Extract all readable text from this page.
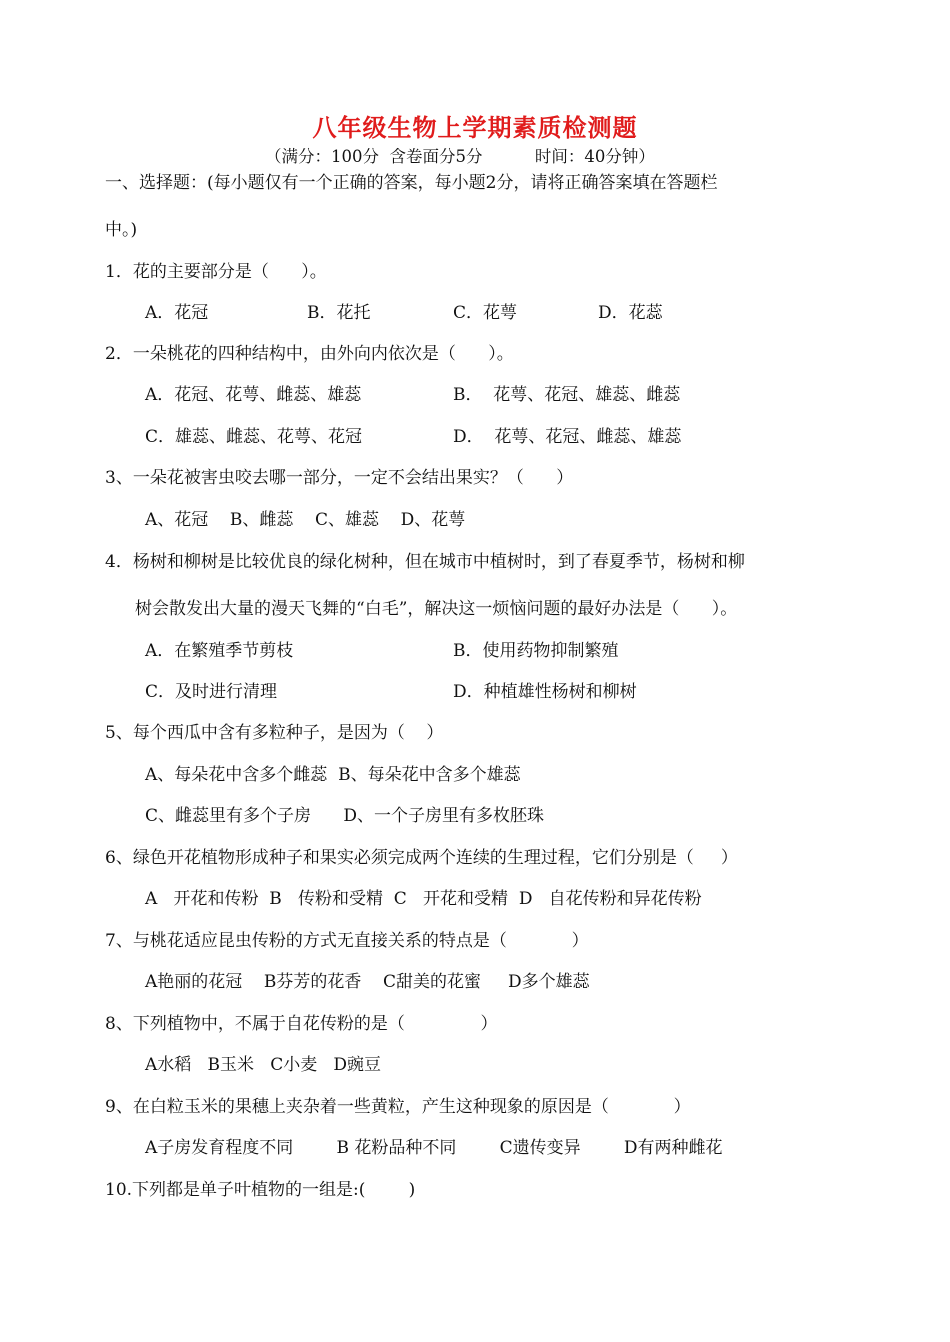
八年级生物上学期素质检测题
（满分：100分  含卷面分5分          时间：40分钟）
一、选择题：(每小题仅有一个正确的答案，每小题2分，请将正确答案填在答题栏
中。)
1．花的主要部分是（      ）。
A．花冠	B．花托	C．花萼	D．花蕊
2．一朵桃花的四种结构中，由外向内依次是（      ）。
A．花冠、花萼、雌蕊、雄蕊	B．  花萼、花冠、雄蕊、雌蕊
C．雄蕊、雌蕊、花萼、花冠	D．  花萼、花冠、雌蕊、雄蕊
3、一朵花被害虫咬去哪一部分，一定不会结出果实？（      ）
A、花冠    B、雌蕊    C、雄蕊    D、花萼
4．杨树和柳树是比较优良的绿化树种，但在城市中植树时，到了春夏季节，杨树和柳
树会散发出大量的漫天飞舞的“白毛”，解决这一烦恼问题的最好办法是（      ）。
A．在繁殖季节剪枝	B．使用药物抑制繁殖
C．及时进行清理	D．种植雄性杨树和柳树
5、每个西瓜中含有多粒种子，是因为（    ）
A、每朵花中含多个雌蕊  B、每朵花中含多个雄蕊
C、雌蕊里有多个子房      D、一个子房里有多枚胚珠
6、绿色开花植物形成种子和果实必须完成两个连续的生理过程，它们分别是（     ）
A   开花和传粉  B   传粉和受精  C   开花和受精  D   自花传粉和异花传粉
7、与桃花适应昆虫传粉的方式无直接关系的特点是（            ）
A艳丽的花冠    B芬芳的花香    C甜美的花蜜     D多个雄蕊
8、下列植物中，不属于自花传粉的是（              ）
A水稻   B玉米   C小麦   D豌豆
9、在白粒玉米的果穗上夹杂着一些黄粒，产生这种现象的原因是（            ）
A子房发育程度不同        B 花粉品种不同        C遗传变异        D有两种雌花
10.下列都是单子叶植物的一组是:(        )
